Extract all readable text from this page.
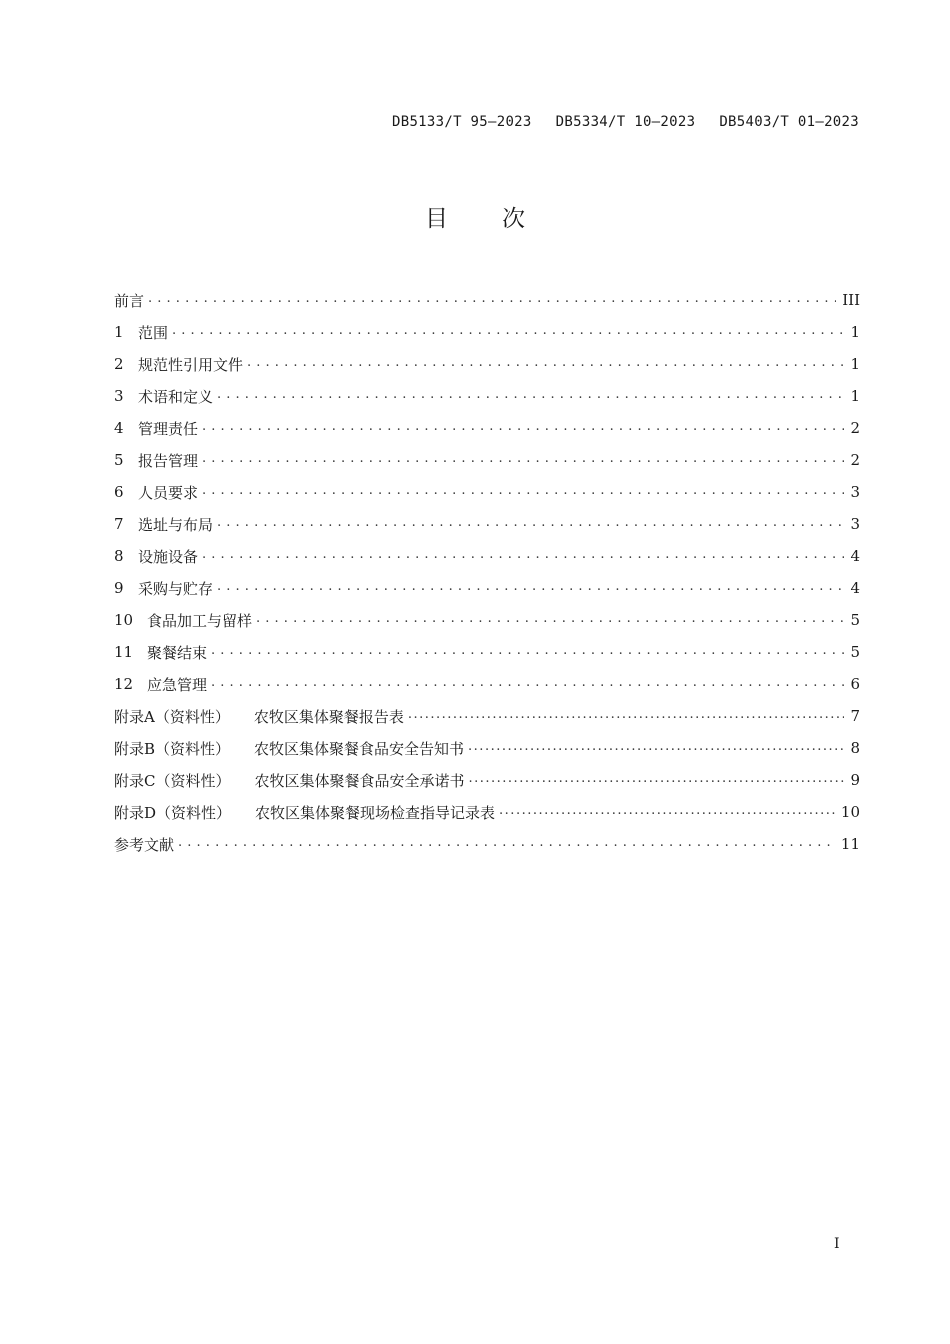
DB5133/T 95—2023 DB5334/T 10—2023 DB5403/T 01—2023
目次
前言 . . .	III
1 范围 . . .	1
2 规范性引用文件 . . .	1
3 术语和定义 . . .	1
4 管理责任 . . .	2
5 报告管理 . . .	2
6 人员要求 . . .	3
7 选址与布局 . . .	3
8 设施设备 . . .	4
9 采购与贮存 . . .	4
10 食品加工与留样 . . .	5
11 聚餐结束 . . .	5
12 应急管理 . . .	6
附录A（资料性） 农牧区集体聚餐报告表 .....	7
附录B（资料性） 农牧区集体聚餐食品安全告知书 .....	8
附录C（资料性） 农牧区集体聚餐食品安全承诺书 .....	9
附录D（资料性） 农牧区集体聚餐现场检查指导记录表 .....	10
参考文献 . . .	11
I
